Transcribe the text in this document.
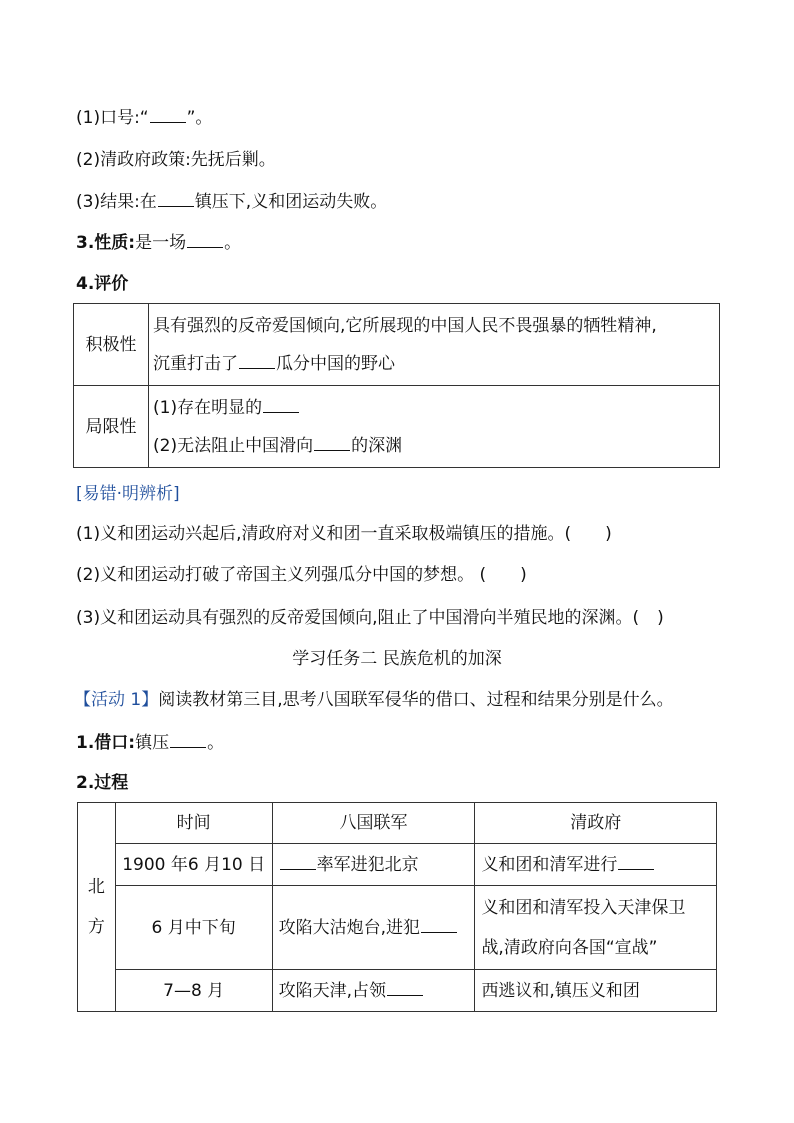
(1)口号:“ ”。
(2)清政府政策:先抚后剿。
(3)结果:在 镇压下,义和团运动失败。
3.性质:是一场 。
4.评价
积极性	具有强烈的反帝爱国倾向,它所展现的中国人民不畏强暴的牺牲精神,
沉重打击了 瓜分中国的野心

局限性	(1)存在明显的
(2)无法阻止中国滑向 的深渊
[易错·明辨析]
(1)义和团运动兴起后,清政府对义和团一直采取极端镇压的措施。( )
(2)义和团运动打破了帝国主义列强瓜分中国的梦想。 ( )
(3)义和团运动具有强烈的反帝爱国倾向,阻止了中国滑向半殖民地的深渊。( )
学习任务二 民族危机的加深
【活动 1】阅读教材第三目,思考八国联军侵华的借口、过程和结果分别是什么。
1.借口:镇压 。
2.过程
北
方	时间	八国联军	清政府
	1900 年6 月10 日	率军进犯北京	义和团和清军进行
	6 月中下旬	攻陷大沽炮台,进犯	义和团和清军投入天津保卫
战,清政府向各国“宣战”

	7—8 月	攻陷天津,占领	西逃议和,镇压义和团
